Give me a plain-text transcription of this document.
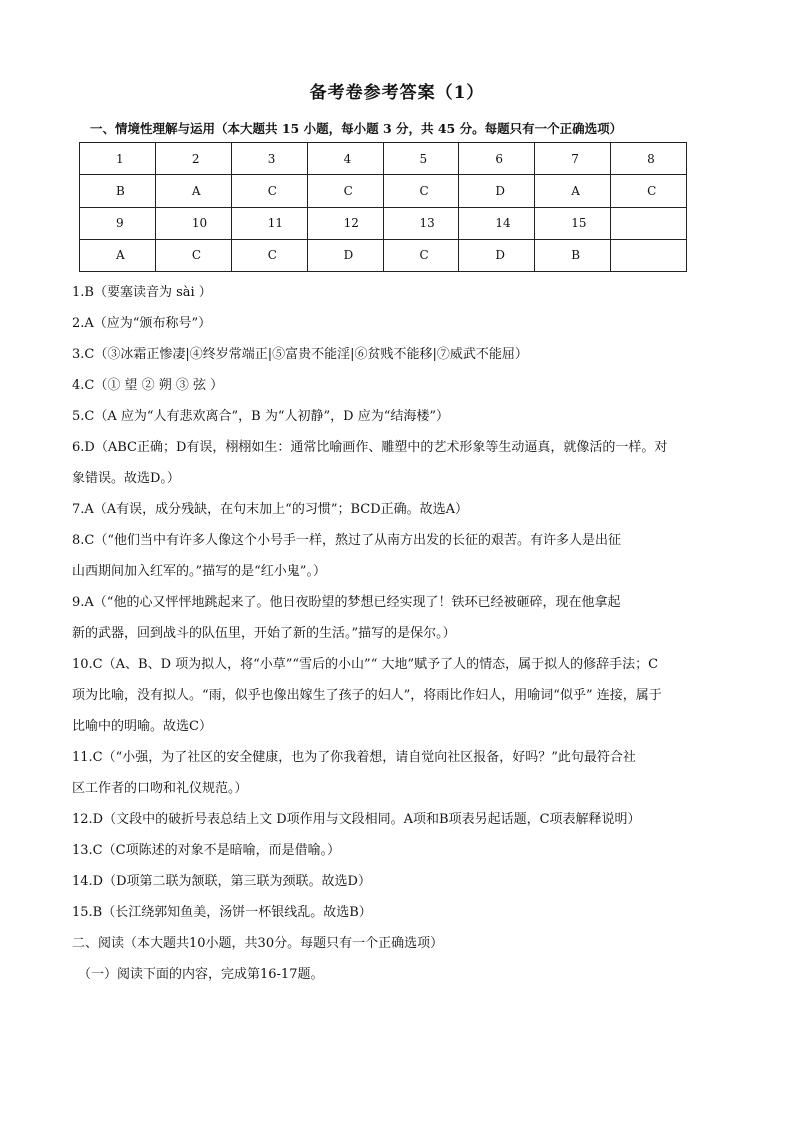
备考卷参考答案（1）
一、情境性理解与运用（本大题共 15 小题，每小题 3 分，共 45 分。每题只有一个正确选项）
1	2	3	4	5	6	7	8
B	A	C	C	C	D	A	C
9	10	11	12	13	14	15	
A	C	C	D	C	D	B	
1.B（要塞读音为 sài ）
2.A（应为“颁布称号”）
3.C（③冰霜正惨凄|④终岁常端正|⑤富贵不能淫|⑥贫贱不能移|⑦威武不能屈）
4.C（① 望 ② 朔 ③ 弦 ）
5.C（A 应为“人有悲欢离合”，B 为“人初静”，D 应为“结海楼”）
6.D（ABC正确；D有误，栩栩如生：通常比喻画作、雕塑中的艺术形象等生动逼真，就像活的一样。对
象错误。故选D。）
7.A（A有误，成分残缺，在句末加上“的习惯”；BCD正确。故选A）
8.C（“他们当中有许多人像这个小号手一样，熬过了从南方出发的长征的艰苦。有许多人是出征
山西期间加入红军的。”描写的是“红小鬼”。）
9.A（“他的心又怦怦地跳起来了。他日夜盼望的梦想已经实现了！铁环已经被砸碎，现在他拿起
新的武器，回到战斗的队伍里，开始了新的生活。”描写的是保尔。）
10.C（A、B、D 项为拟人，将“小草”“雪后的小山”“ 大地”赋予了人的情态，属于拟人的修辞手法；C
项为比喻，没有拟人。“雨，似乎也像出嫁生了孩子的妇人”，将雨比作妇人，用喻词“似乎” 连接，属于
比喻中的明喻。故选C）
11.C（“小强，为了社区的安全健康，也为了你我着想，请自觉向社区报备，好吗？”此句最符合社
区工作者的口吻和礼仪规范。）
12.D（文段中的破折号表总结上文 D项作用与文段相同。A项和B项表另起话题，C项表解释说明）
13.C（C项陈述的对象不是暗喻，而是借喻。）
14.D（D项第二联为颔联，第三联为颈联。故选D）
15.B（长江绕郭知鱼美，汤饼一杯银线乱。故选B）
二、阅读（本大题共10小题，共30分。每题只有一个正确选项）
（一）阅读下面的内容，完成第16-17题。
